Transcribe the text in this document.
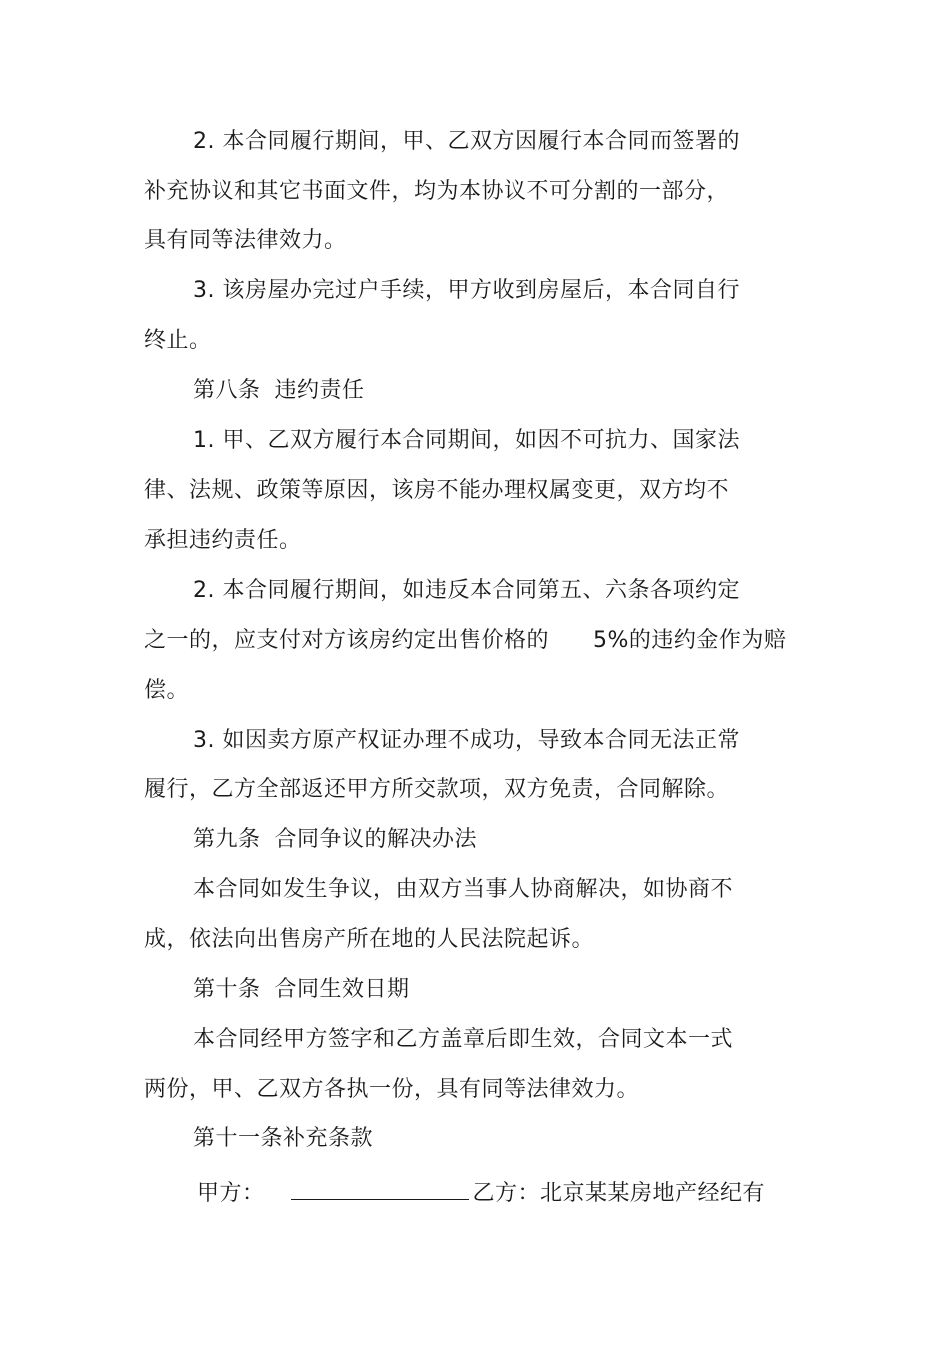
2. 本合同履行期间，甲、乙双方因履行本合同而签署的
补充协议和其它书面文件，均为本协议不可分割的一部分，
具有同等法律效力。
3. 该房屋办完过户手续，甲方收到房屋后，本合同自行
终止。
第八条 违约责任
1. 甲、乙双方履行本合同期间，如因不可抗力、国家法
律、法规、政策等原因，该房不能办理权属变更，双方均不
承担违约责任。
2. 本合同履行期间，如违反本合同第五、六条各项约定
之一的，应支付对方该房约定出售价格的 5%的违约金作为赔
偿。
3. 如因卖方原产权证办理不成功，导致本合同无法正常
履行，乙方全部返还甲方所交款项，双方免责，合同解除。
第九条 合同争议的解决办法
本合同如发生争议，由双方当事人协商解决，如协商不
成，依法向出售房产所在地的人民法院起诉。
第十条 合同生效日期
本合同经甲方签字和乙方盖章后即生效，合同文本一式
两份，甲、乙双方各执一份，具有同等法律效力。
第十一条补充条款
甲方：	乙方：北京某某房地产经纪有
